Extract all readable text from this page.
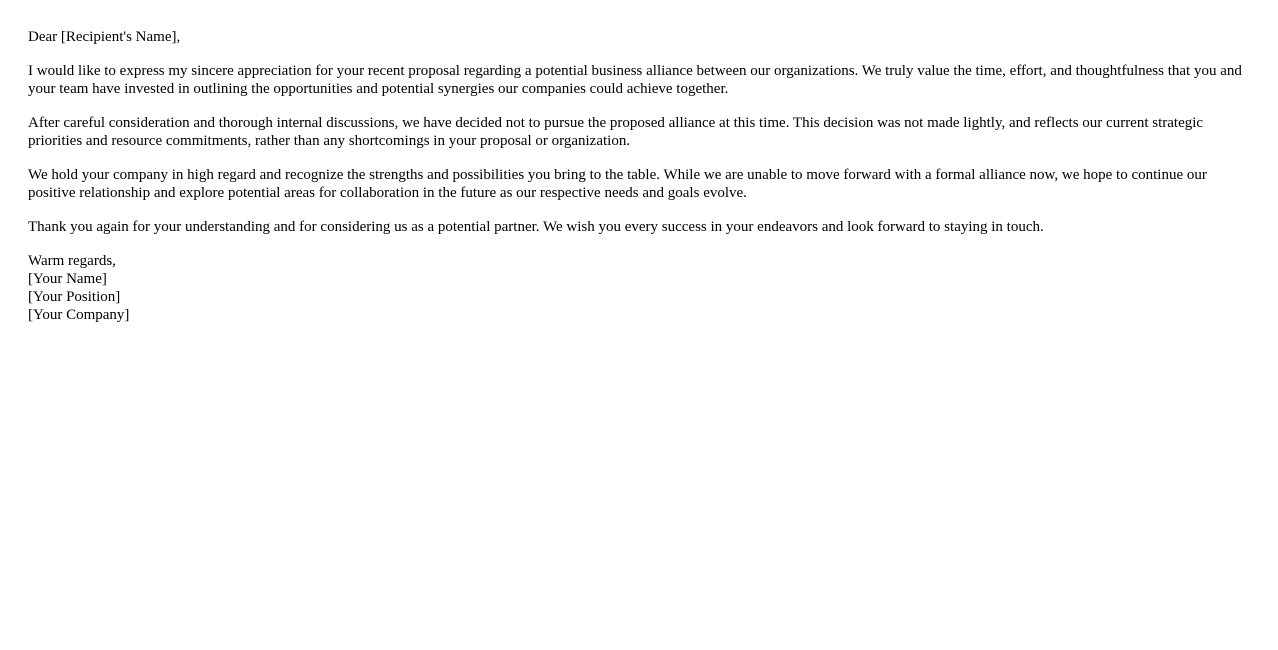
Dear [Recipient's Name],

I would like to express my sincere appreciation for your recent proposal regarding a potential business alliance between our organizations. We truly value the time, effort, and thoughtfulness that you and your team have invested in outlining the opportunities and potential synergies our companies could achieve together.

After careful consideration and thorough internal discussions, we have decided not to pursue the proposed alliance at this time. This decision was not made lightly, and reflects our current strategic priorities and resource commitments, rather than any shortcomings in your proposal or organization.

We hold your company in high regard and recognize the strengths and possibilities you bring to the table. While we are unable to move forward with a formal alliance now, we hope to continue our positive relationship and explore potential areas for collaboration in the future as our respective needs and goals evolve.

Thank you again for your understanding and for considering us as a potential partner. We wish you every success in your endeavors and look forward to staying in touch.

Warm regards,
[Your Name]
[Your Position]
[Your Company]
